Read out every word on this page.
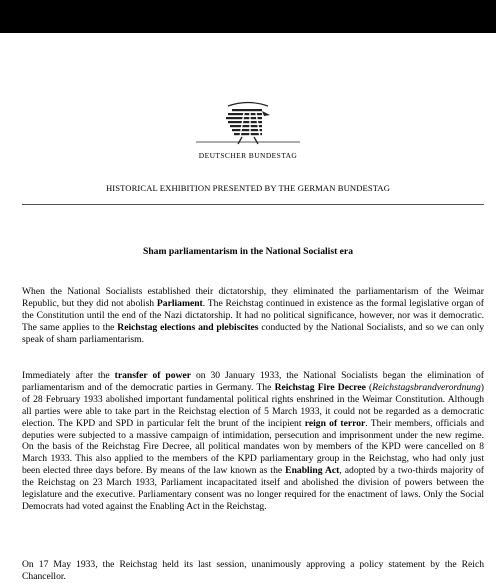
DEUTSCHER BUNDESTAG
HISTORICAL EXHIBITION PRESENTED BY THE GERMAN BUNDESTAG
Sham parliamentarism in the National Socialist era

When the National Socialists established their dictatorship, they eliminated the parliamentarism of the Weimar Republic, but they did not abolish Parliament. The Reichstag continued in existence as the formal legislative organ of the Constitution until the end of the Nazi dictatorship. It had no political significance, however, nor was it democratic. The same applies to the Reichstag elections and plebiscites conducted by the National Socialists, and so we can only speak of sham parliamentarism.

Immediately after the transfer of power on 30 January 1933, the National Socialists began the elimination of parliamentarism and of the democratic parties in Germany. The Reichstag Fire Decree (Reichstagsbrandverordnung) of 28 February 1933 abolished important fundamental political rights enshrined in the Weimar Constitution. Although all parties were able to take part in the Reichstag election of 5 March 1933, it could not be regarded as a democratic election. The KPD and SPD in particular felt the brunt of the incipient reign of terror. Their members, officials and deputies were subjected to a massive campaign of intimidation, persecution and imprisonment under the new regime. On the basis of the Reichstag Fire Decree, all political mandates won by members of the KPD were cancelled on 8 March 1933. This also applied to the members of the KPD parliamentary group in the Reichstag, who had only just been elected three days before. By means of the law known as the Enabling Act, adopted by a two-thirds majority of the Reichstag on 23 March 1933, Parliament incapacitated itself and abolished the division of powers between the legislature and the executive. Parliamentary consent was no longer required for the enactment of laws. Only the Social Democrats had voted against the Enabling Act in the Reichstag.

On 17 May 1933, the Reichstag held its last session, unanimously approving a policy statement by the Reich Chancellor.
